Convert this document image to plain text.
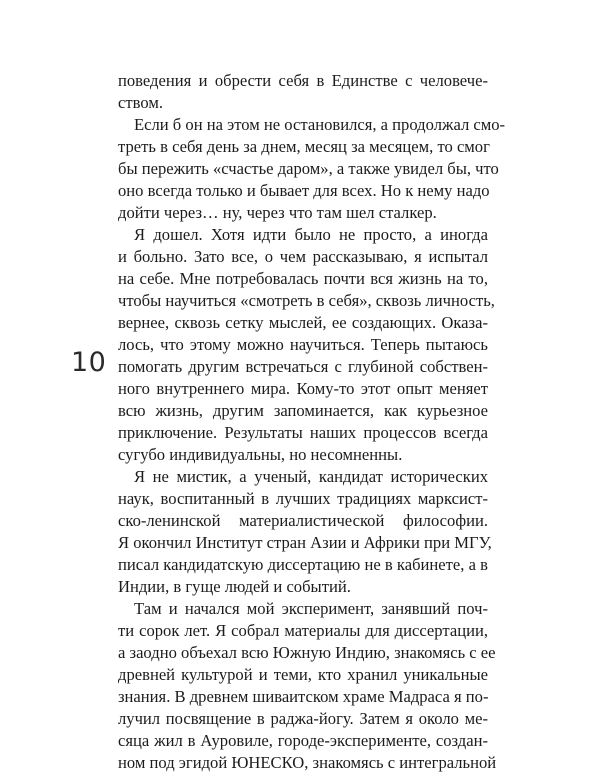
10

поведения и обрести себя в Единстве с человече-
ством.

Если б он на этом не остановился, а продолжал смо-
треть в себя день за днем, месяц за месяцем, то смог
бы пережить «счастье даром», а также увидел бы, что
оно всегда только и бывает для всех. Но к нему надо
дойти через… ну, через что там шел сталкер.

Я дошел. Хотя идти было не просто, а иногда
и больно. Зато все, о чем рассказываю, я испытал
на себе. Мне потребовалась почти вся жизнь на то,
чтобы научиться «смотреть в себя», сквозь личность,
вернее, сквозь сетку мыслей, ее создающих. Оказа-
лось, что этому можно научиться. Теперь пытаюсь
помогать другим встречаться с глубиной собствен-
ного внутреннего мира. Кому-то этот опыт меняет
всю жизнь, другим запоминается, как курьезное
приключение. Результаты наших процессов всегда
сугубо индивидуальны, но несомненны.

Я не мистик, а ученый, кандидат исторических
наук, воспитанный в лучших традициях марксист-
ско-ленинской материалистической философии.
Я окончил Институт стран Азии и Африки при МГУ,
писал кандидатскую диссертацию не в кабинете, а в
Индии, в гуще людей и событий.

Там и начался мой эксперимент, занявший поч-
ти сорок лет. Я собрал материалы для диссертации,
а заодно объехал всю Южную Индию, знакомясь с ее
древней культурой и теми, кто хранил уникальные
знания. В древнем шиваитском храме Мадраса я по-
лучил посвящение в раджа-йогу. Затем я около ме-
сяца жил в Ауровиле, городе-эксперименте, создан-
ном под эгидой ЮНЕСКО, знакомясь с интегральной
